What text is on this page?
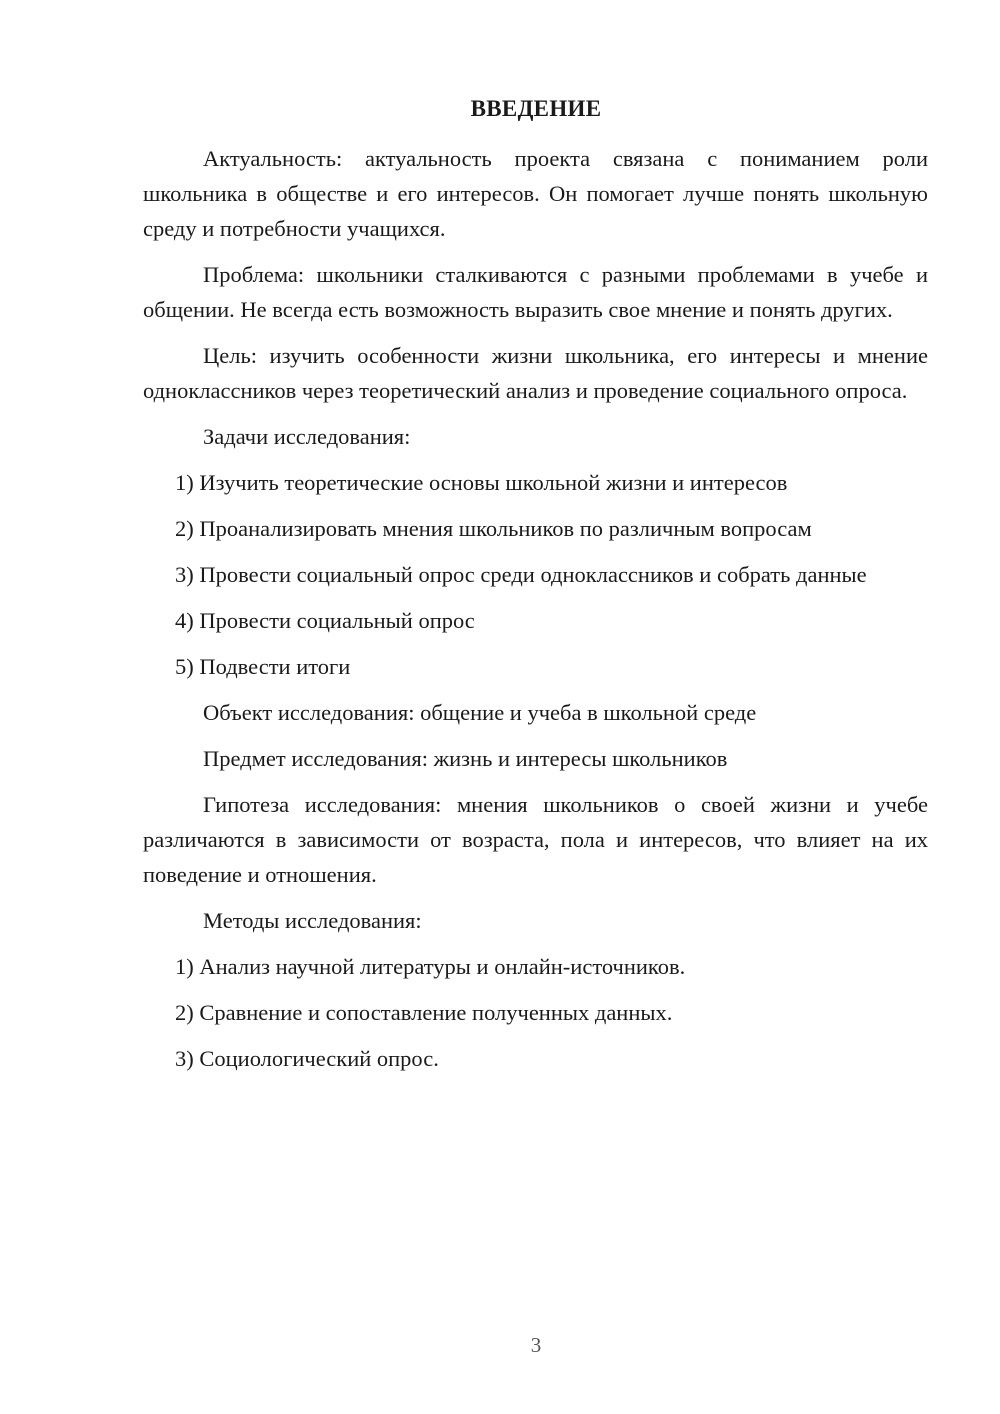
ВВЕДЕНИЕ

Актуальность: актуальность проекта связана с пониманием роли школьника в обществе и его интересов. Он помогает лучше понять школьную среду и потребности учащихся.

Проблема: школьники сталкиваются с разными проблемами в учебе и общении. Не всегда есть возможность выразить свое мнение и понять других.

Цель: изучить особенности жизни школьника, его интересы и мнение одноклассников через теоретический анализ и проведение социального опроса.

Задачи исследования:

1) Изучить теоретические основы школьной жизни и интересов

2) Проанализировать мнения школьников по различным вопросам

3) Провести социальный опрос среди одноклассников и собрать данные

4) Провести социальный опрос

5) Подвести итоги

Объект исследования: общение и учеба в школьной среде

Предмет исследования: жизнь и интересы школьников

Гипотеза исследования: мнения школьников о своей жизни и учебе различаются в зависимости от возраста, пола и интересов, что влияет на их поведение и отношения.

Методы исследования:

1) Анализ научной литературы и онлайн-источников.

2) Сравнение и сопоставление полученных данных.

3) Социологический опрос.

3
